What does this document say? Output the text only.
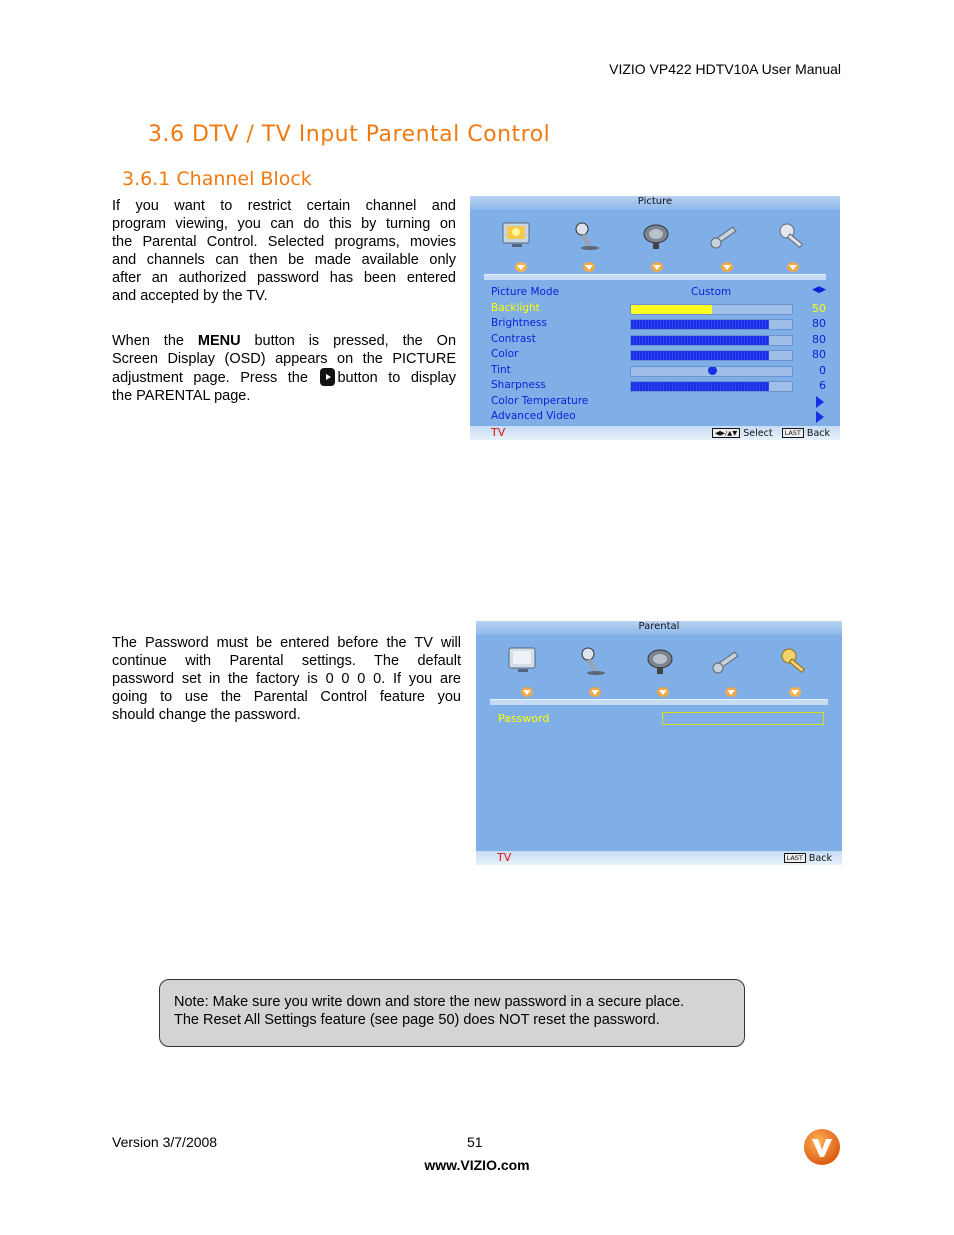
VIZIO VP422 HDTV10A User Manual
3.6 DTV / TV Input Parental Control
3.6.1 Channel Block
If you want to restrict certain channel and
program viewing, you can do this by turning on
the Parental Control. Selected programs, movies
and channels can then be made available only
after an authorized password has been entered
and accepted by the TV.
When the MENU button is pressed, the On
Screen Display (OSD) appears on the PICTURE
adjustment page. Press the button to display
the PARENTAL page.
Picture
Picture Mode	Custom	◀▶
Backlight	50
Brightness	80
Contrast	80
Color	80
Tint	0
Sharpness	6
Color Temperature
Advanced Video
TV	◀▶/▲▼ Select LAST Back
The Password must be entered before the TV will
continue with Parental settings. The default
password set in the factory is 0 0 0 0. If you are
going to use the Parental Control feature you
should change the password.
Parental
Password
TV	LAST Back
Note: Make sure you write down and store the new password in a secure place.
The Reset All Settings feature (see page 50) does NOT reset the password.
Version 3/7/2008	51
www.VIZIO.com
